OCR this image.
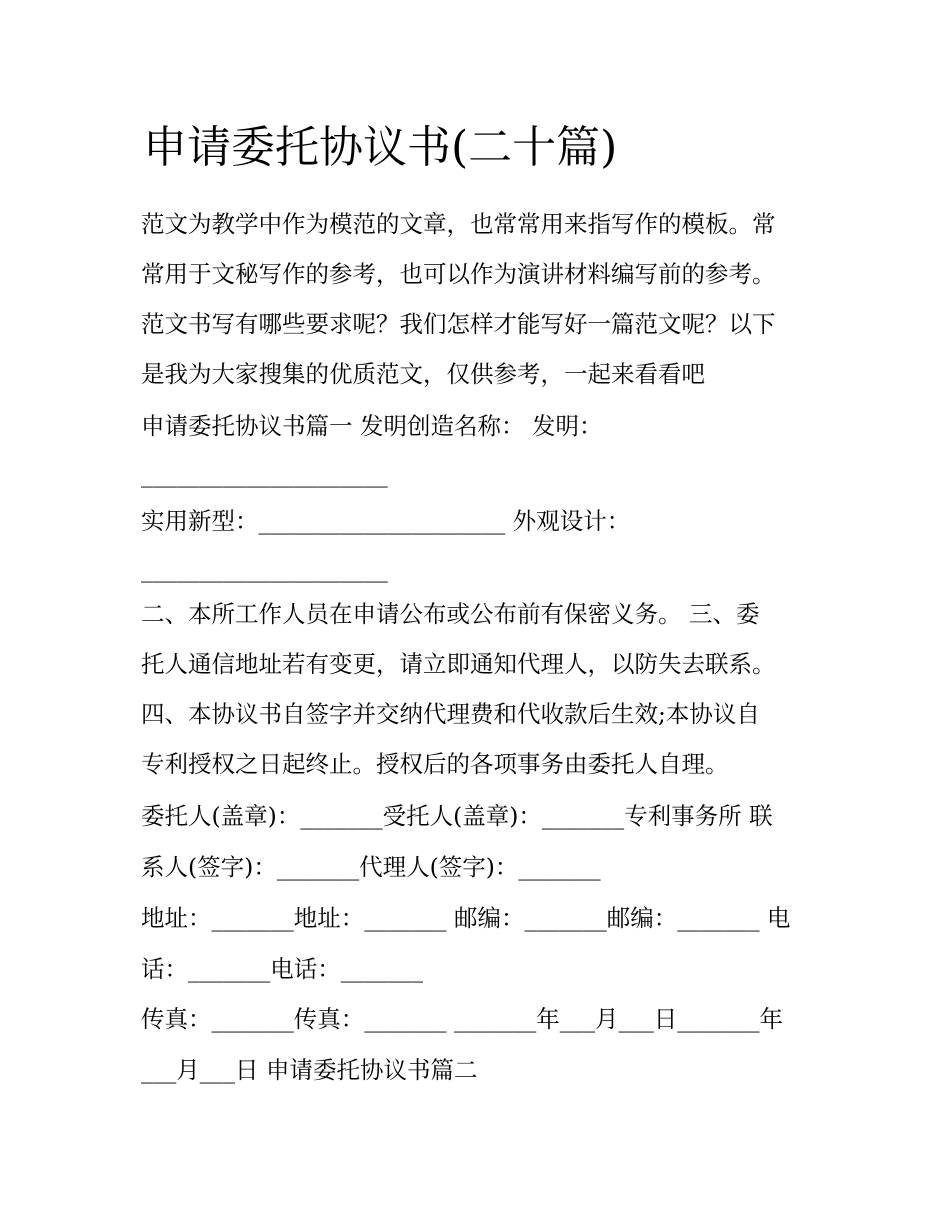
申请委托协议书(二十篇)
范文为教学中作为模范的文章，也常常用来指写作的模板。常
常用于文秘写作的参考，也可以作为演讲材料编写前的参考。
范文书写有哪些要求呢？我们怎样才能写好一篇范文呢？以下
是我为大家搜集的优质范文，仅供参考，一起来看看吧
申请委托协议书篇一 发明创造名称： 发明：
_____________________
实用新型：_____________________ 外观设计：
_____________________
二、本所工作人员在申请公布或公布前有保密义务。 三、委
托人通信地址若有变更，请立即通知代理人，以防失去联系。
四、本协议书自签字并交纳代理费和代收款后生效;本协议自
专利授权之日起终止。授权后的各项事务由委托人自理。
委托人(盖章)：_______受托人(盖章)：_______专利事务所 联
系人(签字)：_______代理人(签字)：_______
地址：_______地址：_______ 邮编：_______邮编：_______ 电
话：_______电话：_______
传真：_______传真：_______ _______年___月___日_______年
___月___日 申请委托协议书篇二
